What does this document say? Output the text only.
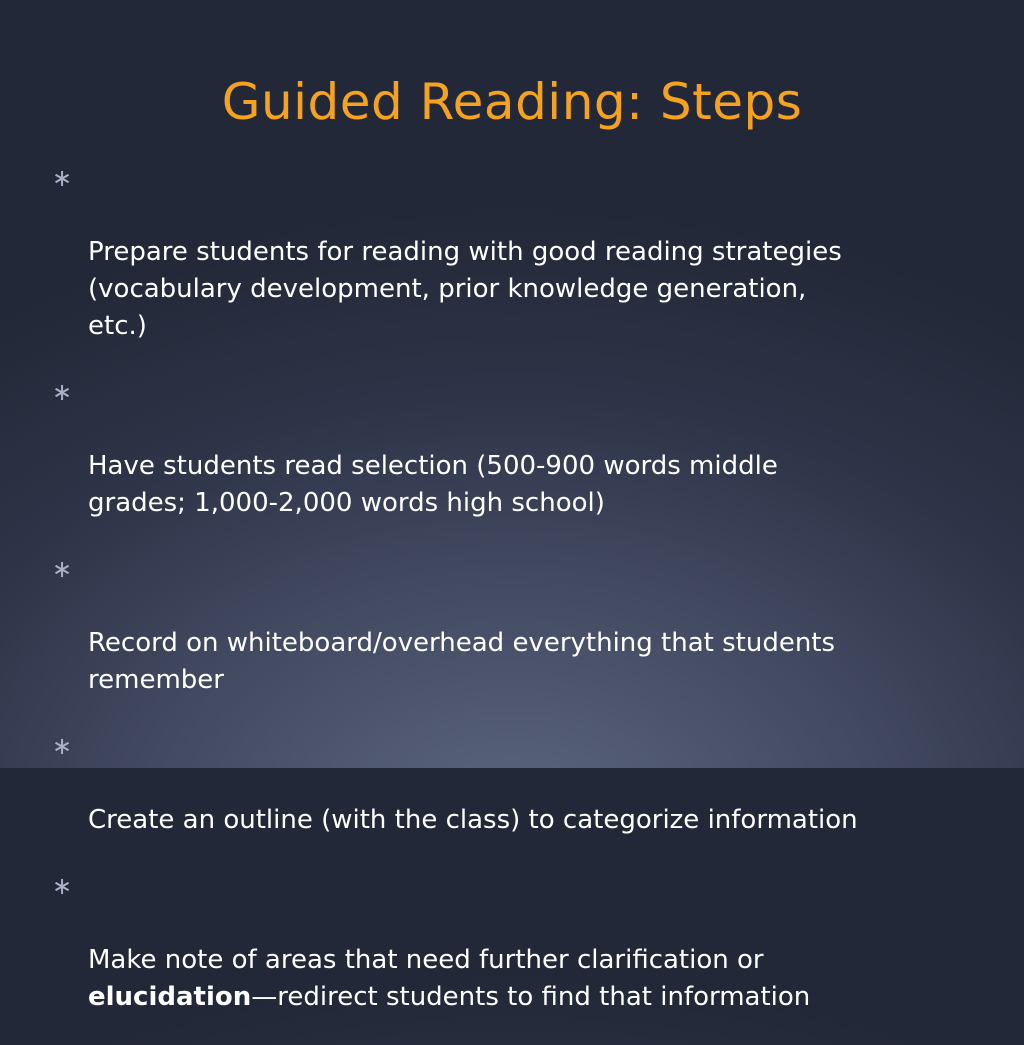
Guided Reading: Steps

∗

Prepare students for reading with good reading strategies
(vocabulary development, prior knowledge generation,
etc.)

∗

Have students read selection (500-900 words middle
grades; 1,000-2,000 words high school)

∗

Record on whiteboard/overhead everything that students
remember

∗

Create an outline (with the class) to categorize information

∗

Make note of areas that need further clarification or
elucidation—redirect students to find that information
